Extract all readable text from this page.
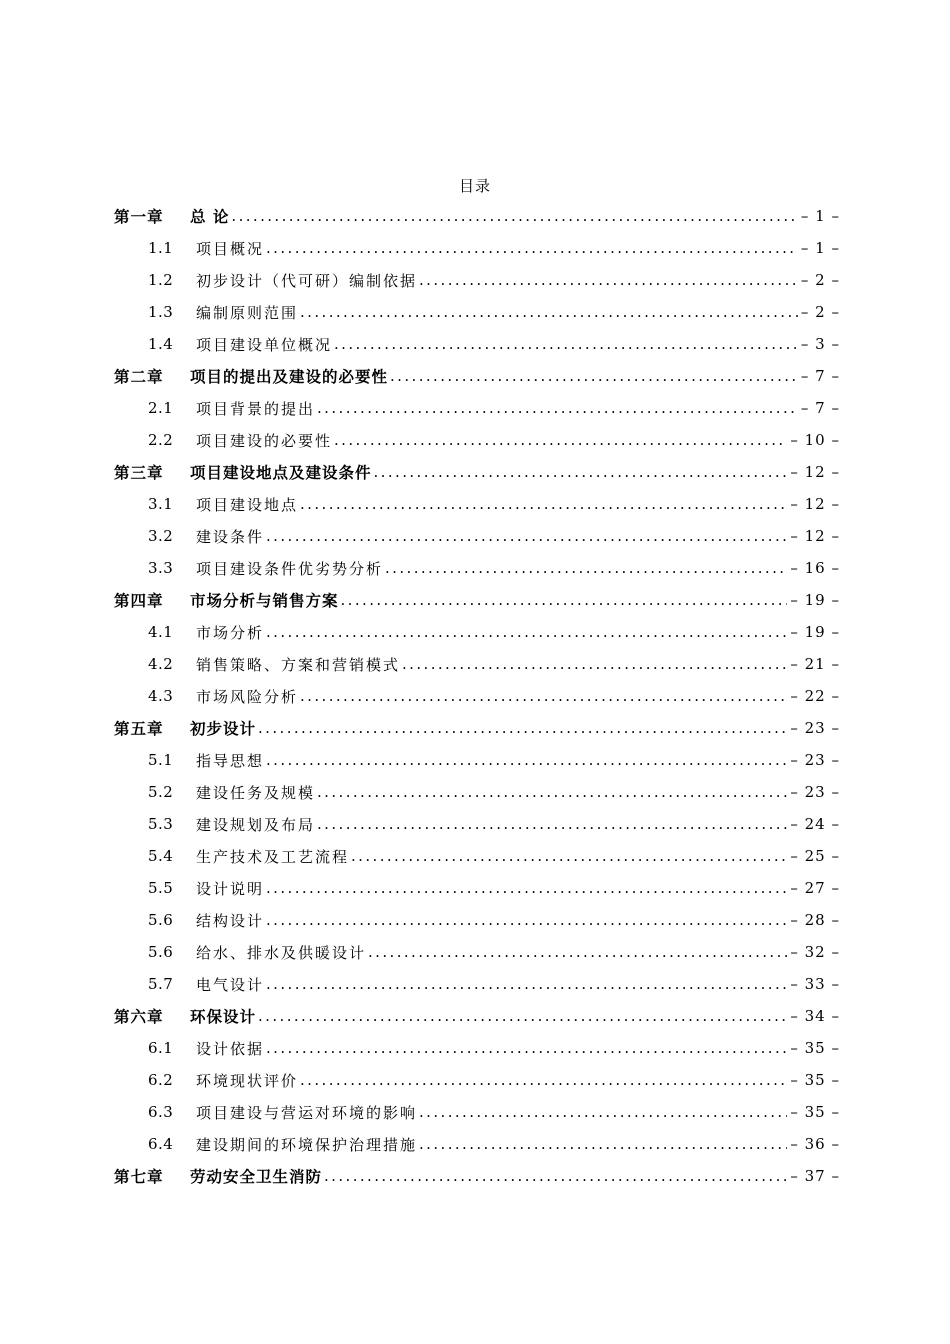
目录
第一章	总 论 .....	– 1 –
1.1	项目概况 .....	– 1 –
1.2	初步设计（代可研）编制依据 .....	– 2 –
1.3	编制原则范围 .....	– 2 –
1.4	项目建设单位概况 .....	– 3 –
第二章	项目的提出及建设的必要性 .....	– 7 –
2.1	项目背景的提出 .....	– 7 –
2.2	项目建设的必要性 .....	– 10 –
第三章	项目建设地点及建设条件 .....	– 12 –
3.1	项目建设地点 .....	– 12 –
3.2	建设条件 .....	– 12 –
3.3	项目建设条件优劣势分析 .....	– 16 –
第四章	市场分析与销售方案 .....	– 19 –
4.1	市场分析 .....	– 19 –
4.2	销售策略、方案和营销模式 .....	– 21 –
4.3	市场风险分析 .....	– 22 –
第五章	初步设计 .....	– 23 –
5.1	指导思想 .....	– 23 –
5.2	建设任务及规模 .....	– 23 –
5.3	建设规划及布局 .....	– 24 –
5.4	生产技术及工艺流程 .....	– 25 –
5.5	设计说明 .....	– 27 –
5.6	结构设计 .....	– 28 –
5.6	给水、排水及供暖设计 .....	– 32 –
5.7	电气设计 .....	– 33 –
第六章	环保设计 .....	– 34 –
6.1	设计依据 .....	– 35 –
6.2	环境现状评价 .....	– 35 –
6.3	项目建设与营运对环境的影响 .....	– 35 –
6.4	建设期间的环境保护治理措施 .....	– 36 –
第七章	劳动安全卫生消防 .....	– 37 –
